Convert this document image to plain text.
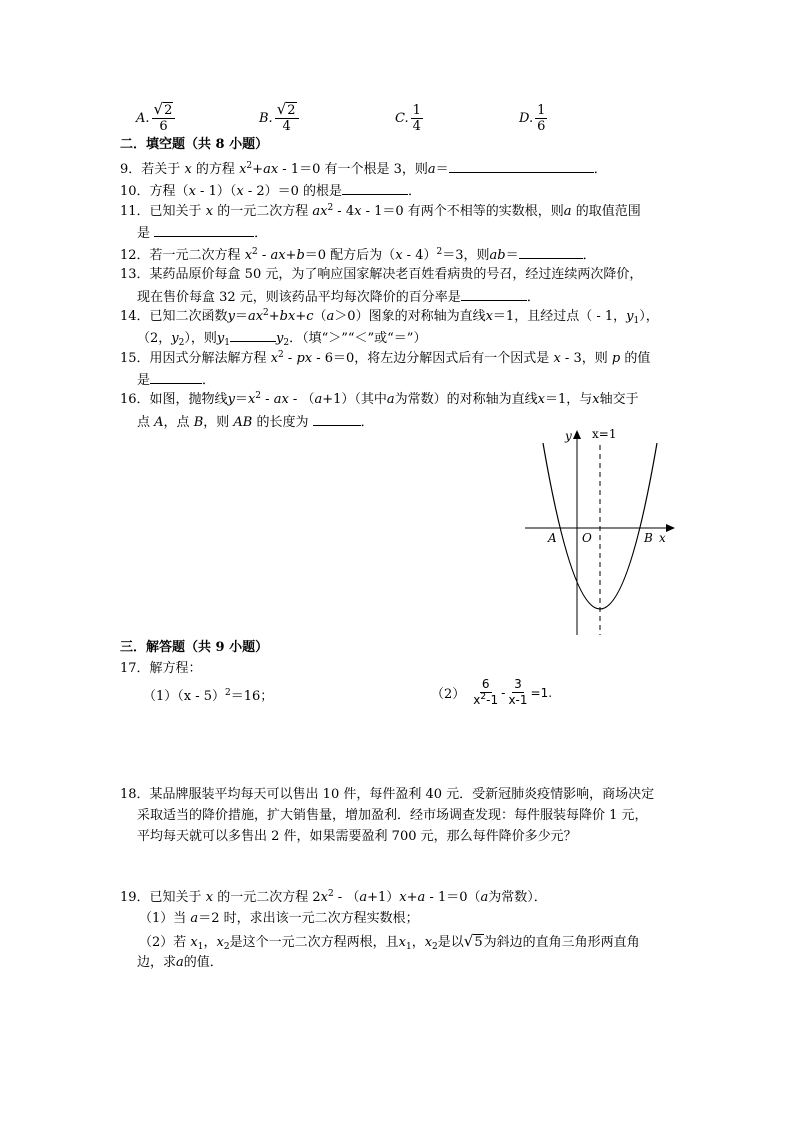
A. $\frac{√2}{6}$	B. $\frac{√2}{4}$	C. $\frac{1}{4}$	D. $\frac{1}{6}$
二．填空题（共 8 小题）
9．若关于 x 的方程 $x^2+ax - 1=0$ 有一个根是 3，则a＝	．
10．方程（x - 1）（x - 2）＝0 的根是	．
11．已知关于 x 的一元二次方程 $ax^2 - 4x - 1=0$ 有两个不相等的实数根，则a 的取值范围
是	．
12．若一元二次方程 $x^2 - ax+b=0$ 配方后为（x - 4）$^2$＝3，则ab＝	．
13．某药品原价每盒 50 元，为了响应国家解决老百姓看病贵的号召，经过连续两次降价，
现在售价每盒 32 元，则该药品平均每次降价的百分率是	．
14．已知二次函数$y=ax^2+bx+c(a>0)$图象的对称轴为直线x＝1，且经过点（ - 1，$y_1$），
（2，$y_2$），则$y_1$	$y_2$．（填“＞”“＜”或“＝”）
15．用因式分解法解方程 $x^2$ - px - 6＝0，将左边分解因式后有一个因式是 x - 3，则 p 的值
是	．
16．如图，抛物线$y=x^2$ - ax - （a+1）（其中a为常数）的对称轴为直线x＝1，与x轴交于
点 A，点 B，则 AB 的长度为	．
y x=1
A O	B x
三．解答题（共 9 小题）
17．解方程：
（1）（x - 5）$^2$＝16；	$(2) \frac{6}{x^2-1} - \frac{3}{x-1} =1$.
18．某品牌服装平均每天可以售出 10 件，每件盈利 40 元．受新冠肺炎疫情影响，商场决定
采取适当的降价措施，扩大销售量，增加盈利．经市场调查发现：每件服装每降价 1 元，
平均每天就可以多售出 2 件，如果需要盈利 700 元，那么每件降价多少元？
19．已知关于 x 的一元二次方程 $2x^2 - (a+1)x+a - 1=0(a$为常数）．
（1）当 a＝2 时，求出该一元二次方程实数根；
（2）若 $x_1$，$x_2$是这个一元二次方程两根，且$x_1$，$x_2$是以√5为斜边的直角三角形两直角
边，求a的值．
